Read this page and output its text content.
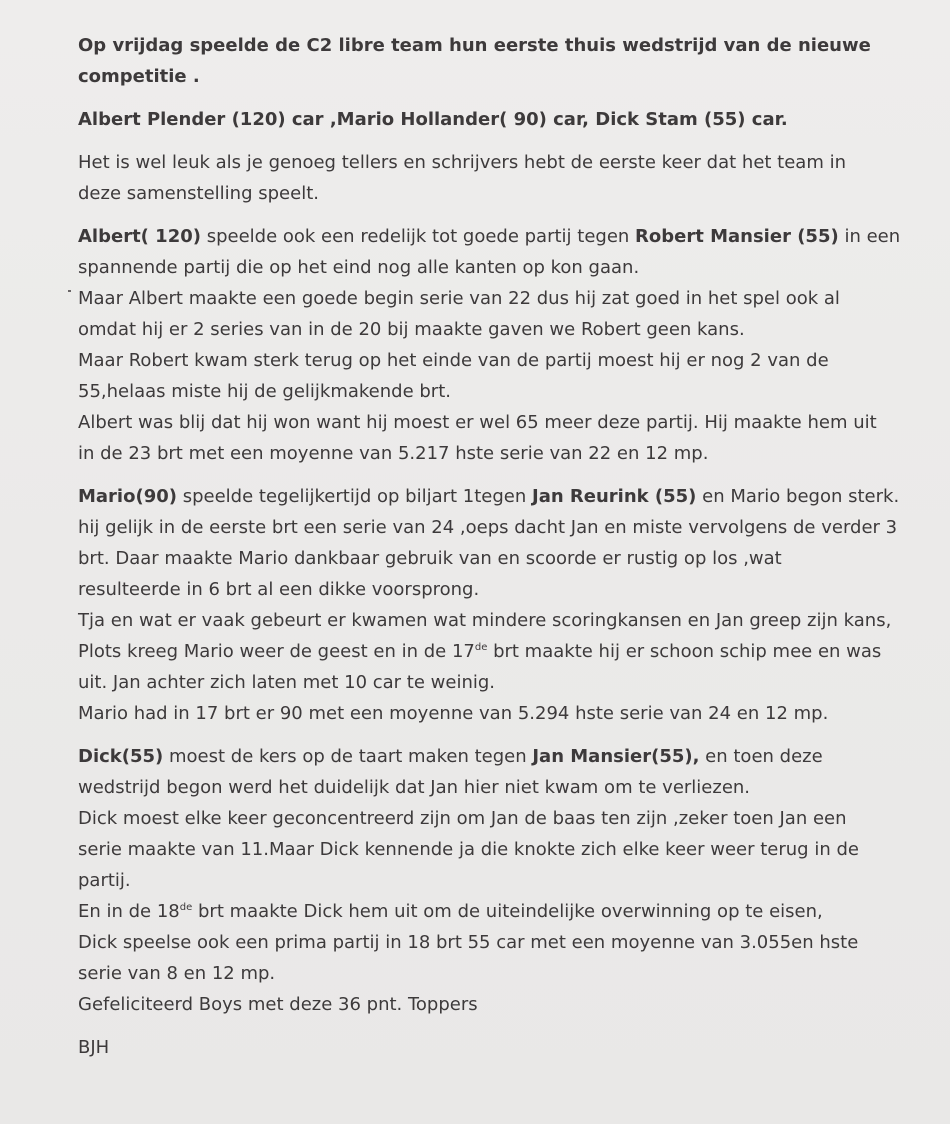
Op vrijdag speelde de C2 libre team hun eerste thuis wedstrijd van de nieuwe

competitie .

Albert Plender (120) car ,Mario Hollander( 90) car, Dick Stam (55) car.

Het is wel leuk als je genoeg tellers en schrijvers hebt de eerste keer dat het team in

deze samenstelling speelt.

Albert( 120) speelde ook een redelijk tot goede partij tegen Robert Mansier (55) in een

spannende partij die op het eind nog alle kanten op kon gaan.

Maar Albert maakte een goede begin serie van 22 dus hij zat goed in het spel ook al

omdat hij er 2 series van in de 20 bij maakte gaven we Robert geen kans.

Maar Robert kwam sterk terug op het einde van de partij moest hij er nog 2 van de

55,helaas miste hij de gelijkmakende brt.

Albert was blij dat hij won want hij moest er wel 65 meer deze partij. Hij maakte hem uit

in de 23 brt met een moyenne van 5.217 hste serie van 22 en 12 mp.

Mario(90) speelde tegelijkertijd op biljart 1tegen Jan Reurink (55) en Mario begon sterk.

hij gelijk in de eerste brt een serie van 24 ,oeps dacht Jan en miste vervolgens de verder 3

brt. Daar maakte Mario dankbaar gebruik van en scoorde er rustig op los ,wat

resulteerde in 6 brt al een dikke voorsprong.

Tja en wat er vaak gebeurt er kwamen wat mindere scoringkansen en Jan greep zijn kans,

Plots kreeg Mario weer de geest en in de 17de brt maakte hij er schoon schip mee en was

uit. Jan achter zich laten met 10 car te weinig.

Mario had in 17 brt er 90 met een moyenne van 5.294 hste serie van 24 en 12 mp.

Dick(55) moest de kers op de taart maken tegen Jan Mansier(55), en toen deze

wedstrijd begon werd het duidelijk dat Jan hier niet kwam om te verliezen.

Dick moest elke keer geconcentreerd zijn om Jan de baas ten zijn ,zeker toen Jan een

serie maakte van 11.Maar Dick kennende ja die knokte zich elke keer weer terug in de

partij.

En in de 18de brt maakte Dick hem uit om de uiteindelijke overwinning op te eisen,

Dick speelse ook een prima partij in 18 brt 55 car met een moyenne van 3.055en hste

serie van 8 en 12 mp.

Gefeliciteerd Boys met deze 36 pnt. Toppers

BJH
